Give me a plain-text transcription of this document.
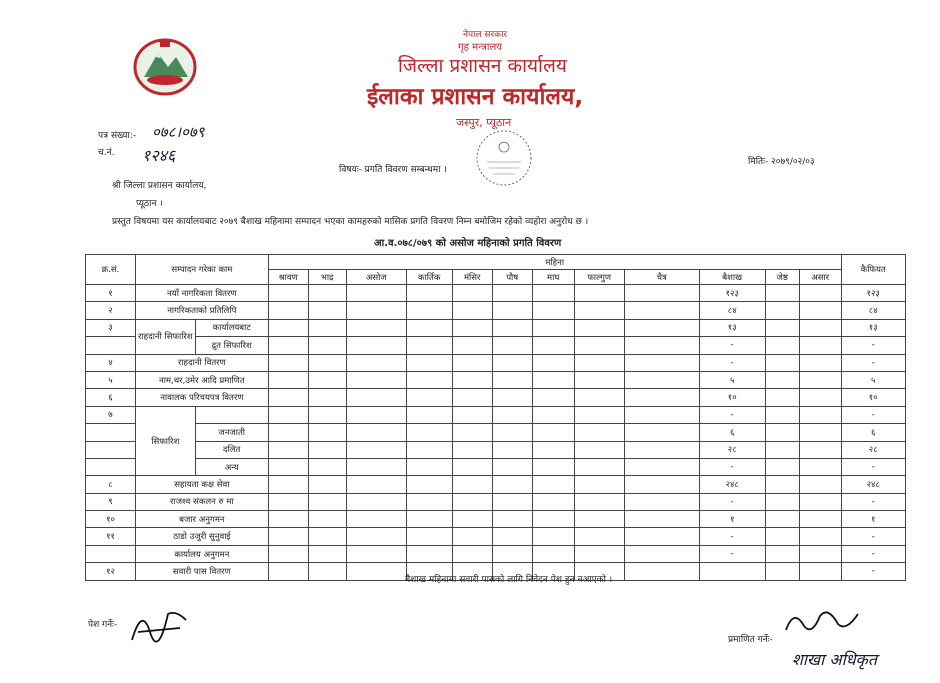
नेपाल सरकार
गृह मन्त्रालय
जिल्ला प्रशासन कार्यालय
ईलाका प्रशासन कार्यालय,
जस्पुर, प्यूठान
पत्र संख्या:- ०७८।०७९
च.नं. १२४६
विषयः- प्रगति विवरण सम्बन्धमा ।
मितिः- २०७९/०२/०३
श्री जिल्ला प्रशासन कार्यालय,
प्यूठान ।
प्रस्तुत विषयमा यस कार्यालयबाट २०७९ बैशाख महिनामा सम्पादन भएका कामहरुको मासिक प्रगति विवरण निम्न बमोजिम रहेको व्यहोरा अनुरोध छ ।
आ.व.०७८/०७९ को असोज महिनाको प्रगति विवरण
क्र.सं.	सम्पादन गरेका काम		महिना												कैफियत
			श्रावण	भाद्र	असोज	कार्तिक	मंसिर	पौष	माघ	फाल्गुण	चैत्र	बैशाख	जेष्ठ	असार	
१	नयाँ नागरिकता वितरण											१२३			१२३
२	नागरिकताको प्रतिलिपि											८४			८४
३	राहदानी सिफारिश	कार्यालयबाट										१३			१३
		द्रुत सिफारिश										-			-
४	राहदानी वितरण											-			-
५	नाम,थर,उमेर आदि प्रमाणित											५			५
६	नावालक परिचयपत्र वितरण											१०			१०
७	सिफारिश											-			-
		जनजाती										६			६
		दलित										२८			२८
		अन्य										-			-
८	सहायता कक्ष सेवा											२४८			२४८
९	राजश्व संकलन रु मा											-			-
१०	बजार अनुगमन											१			१
११	ठाडो उजुरी सुनुवाई											-			-
	कार्यालय अनुगमन											-			-
१२	सवारी पास वितरण														-
बैशाख महिनामा सवारी पासको लागि निवेदन पेश हुन नआएको ।
पेश गर्नेः-
प्रमाणित गर्नेः-
शाखा अधिकृत
